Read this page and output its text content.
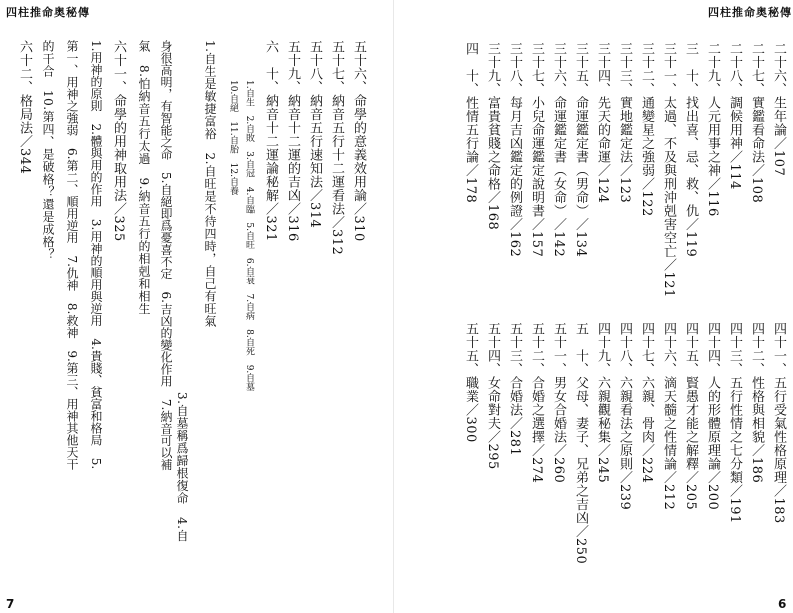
四柱推命奥秘傳	四柱推命奥秘傳
二十六、生年論／107
二十七、實鑑看命法／108
二十八、調候用神／114
二十九、人元用事之神／116
三　十、找出喜、忌、救、仇／119
三十一、太過、不及與刑沖剋害空亡／121
三十二、通變星之強弱／122
三十三、實地鑑定法／123
三十四、先天的命運／124
三十五、命運鑑定書（男命）／134
三十六、命運鑑定書（女命）／142
三十七、小兒命運鑑定說明書／157
三十八、每月吉凶鑑定的例證／162
三十九、富貴貧賤之命格／168
四　十、性情五行論／178
四十一、五行受氣性格原理／183
四十二、性格與相貌／186
四十三、五行性情之七分類／191
四十四、人的形體原理論／200
四十五、賢愚才能之解釋／205
四十六、滴天髓之性情論／212
四十七、六親、骨肉／224
四十八、六親看法之原則／239
四十九、六親觀秘集／245
五　十、父母、妻子、兄弟之吉凶／250
五十一、男女合婚法／260
五十二、合婚之選擇／274
五十三、合婚法／281
五十四、女命對夫／295
五十五、職業／300
五十六、命學的意義效用論／310
五十七、納音五行十二運看法／312
五十八、納音五行速知法／314
五十九、納音十二運的吉凶／316
六　十、納音十二運論秘解／321
1.自生　2.自敗　3.自冠　4.自臨　5.自旺　6.自衰　7.自病　8.自死　9.自墓
10.自絕　11.自胎　12.自養
1.自生是敏捷富裕　2.自旺是不待四時，自己有旺氣
3.自墓稱爲歸根復命　4.自
身很高明，有智能之命　5.自絕即爲憂喜不定　6.吉凶的變化作用　7.納音可以補
氣　8.怕納音五行太過　9.納音五行的相剋和相生
六十一、命學的用神取用法／325
1.用神的原則　2.體與用的作用　3.用神的順用與逆用　4.貴賤、貧富和格局　5.
第一、用神之強弱　6.第二、順用逆用　7.仇神　8.救神　9.第三、用神其他天干
的干合　10.第四、是破格？還是成格？
六十二、格局法／344
7	6
